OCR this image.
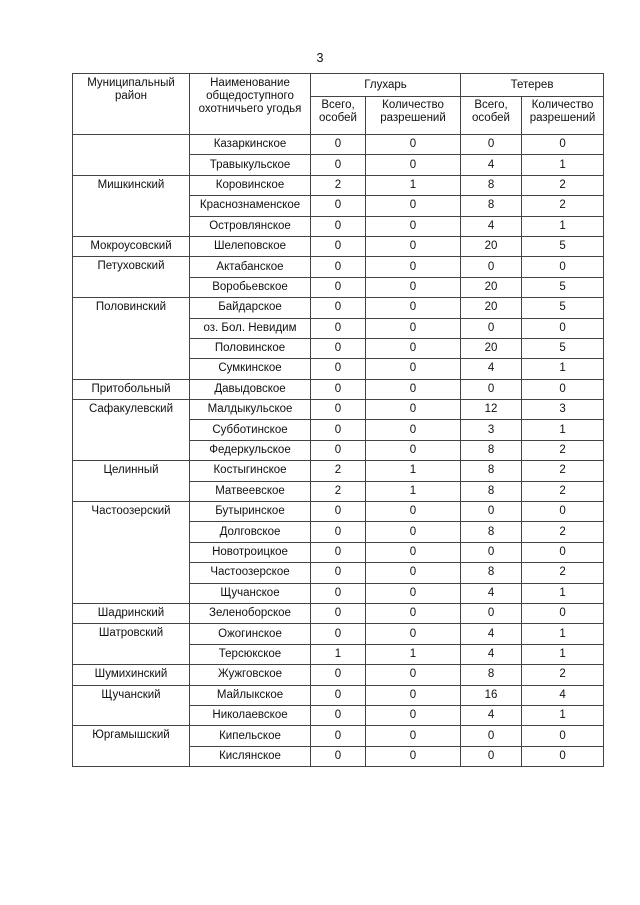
3
Муниципальный район	Наименование общедоступного охотничьего угодья	Глухарь		Тетерев	
		Всего, особей	Количество разрешений	Всего, особей	Количество разрешений
	Казаркинское	0	0	0	0
	Травыкульское	0	0	4	1
Мишкинский	Коровинское	2	1	8	2
	Краснознаменское	0	0	8	2
	Островлянское	0	0	4	1
Мокроусовский	Шелеповское	0	0	20	5
Петуховский	Актабанское	0	0	0	0
	Воробьевское	0	0	20	5
Половинский	Байдарское	0	0	20	5
	оз. Бол. Невидим	0	0	0	0
	Половинское	0	0	20	5
	Сумкинское	0	0	4	1
Притобольный	Давыдовское	0	0	0	0
Сафакулевский	Малдыкульское	0	0	12	3
	Субботинское	0	0	3	1
	Федеркульское	0	0	8	2
Целинный	Костыгинское	2	1	8	2
	Матвеевское	2	1	8	2
Частоозерский	Бутыринское	0	0	0	0
	Долговское	0	0	8	2
	Новотроицкое	0	0	0	0
	Частоозерское	0	0	8	2
	Щучанское	0	0	4	1
Шадринский	Зеленоборское	0	0	0	0
Шатровский	Ожогинское	0	0	4	1
	Терсюкское	1	1	4	1
Шумихинский	Жужговское	0	0	8	2
Щучанский	Майлыкское	0	0	16	4
	Николаевское	0	0	4	1
Юргамышский	Кипельское	0	0	0	0
	Кислянское	0	0	0	0
